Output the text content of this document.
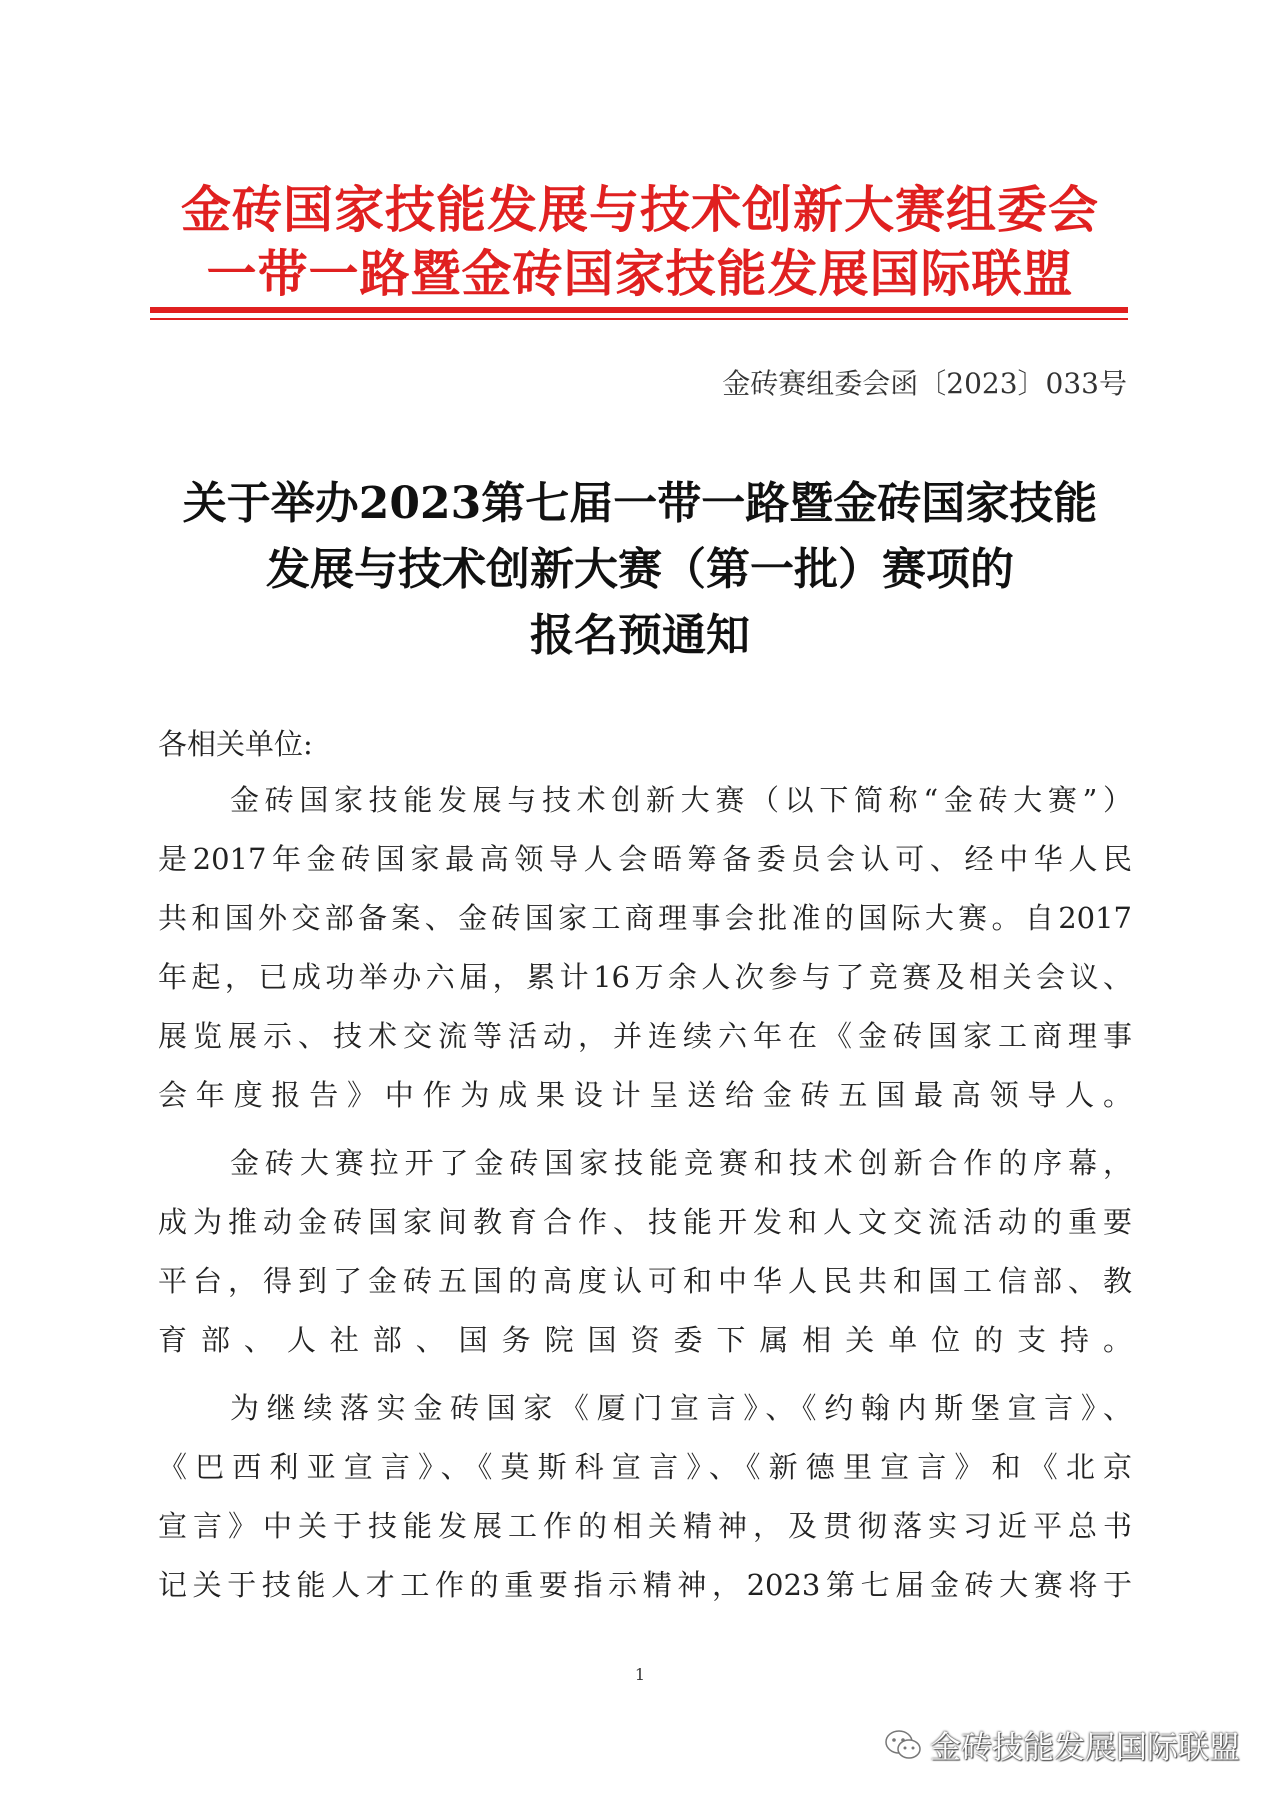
金砖国家技能发展与技术创新大赛组委会
一带一路暨金砖国家技能发展国际联盟
金砖赛组委会函〔2023〕033号
关于举办2023第七届一带一路暨金砖国家技能
发展与技术创新大赛（第一批）赛项的
报名预通知
各相关单位:
金砖国家技能发展与技术创新大赛（以下简称“金砖大赛”）
是2017年金砖国家最高领导人会晤筹备委员会认可、经中华人民
共和国外交部备案、金砖国家工商理事会批准的国际大赛。自2017
年起，已成功举办六届，累计16万余人次参与了竞赛及相关会议、
展览展示、技术交流等活动，并连续六年在《金砖国家工商理事
会年度报告》中作为成果设计呈送给金砖五国最高领导人。
金砖大赛拉开了金砖国家技能竞赛和技术创新合作的序幕，
成为推动金砖国家间教育合作、技能开发和人文交流活动的重要
平台，得到了金砖五国的高度认可和中华人民共和国工信部、教
育部、人社部、国务院国资委下属相关单位的支持。
为继续落实金砖国家《厦门宣言》、《约翰内斯堡宣言》、
《巴西利亚宣言》、《莫斯科宣言》、《新德里宣言》和《北京
宣言》中关于技能发展工作的相关精神，及贯彻落实习近平总书
记关于技能人才工作的重要指示精神，2023第七届金砖大赛将于
1
金砖技能发展国际联盟
